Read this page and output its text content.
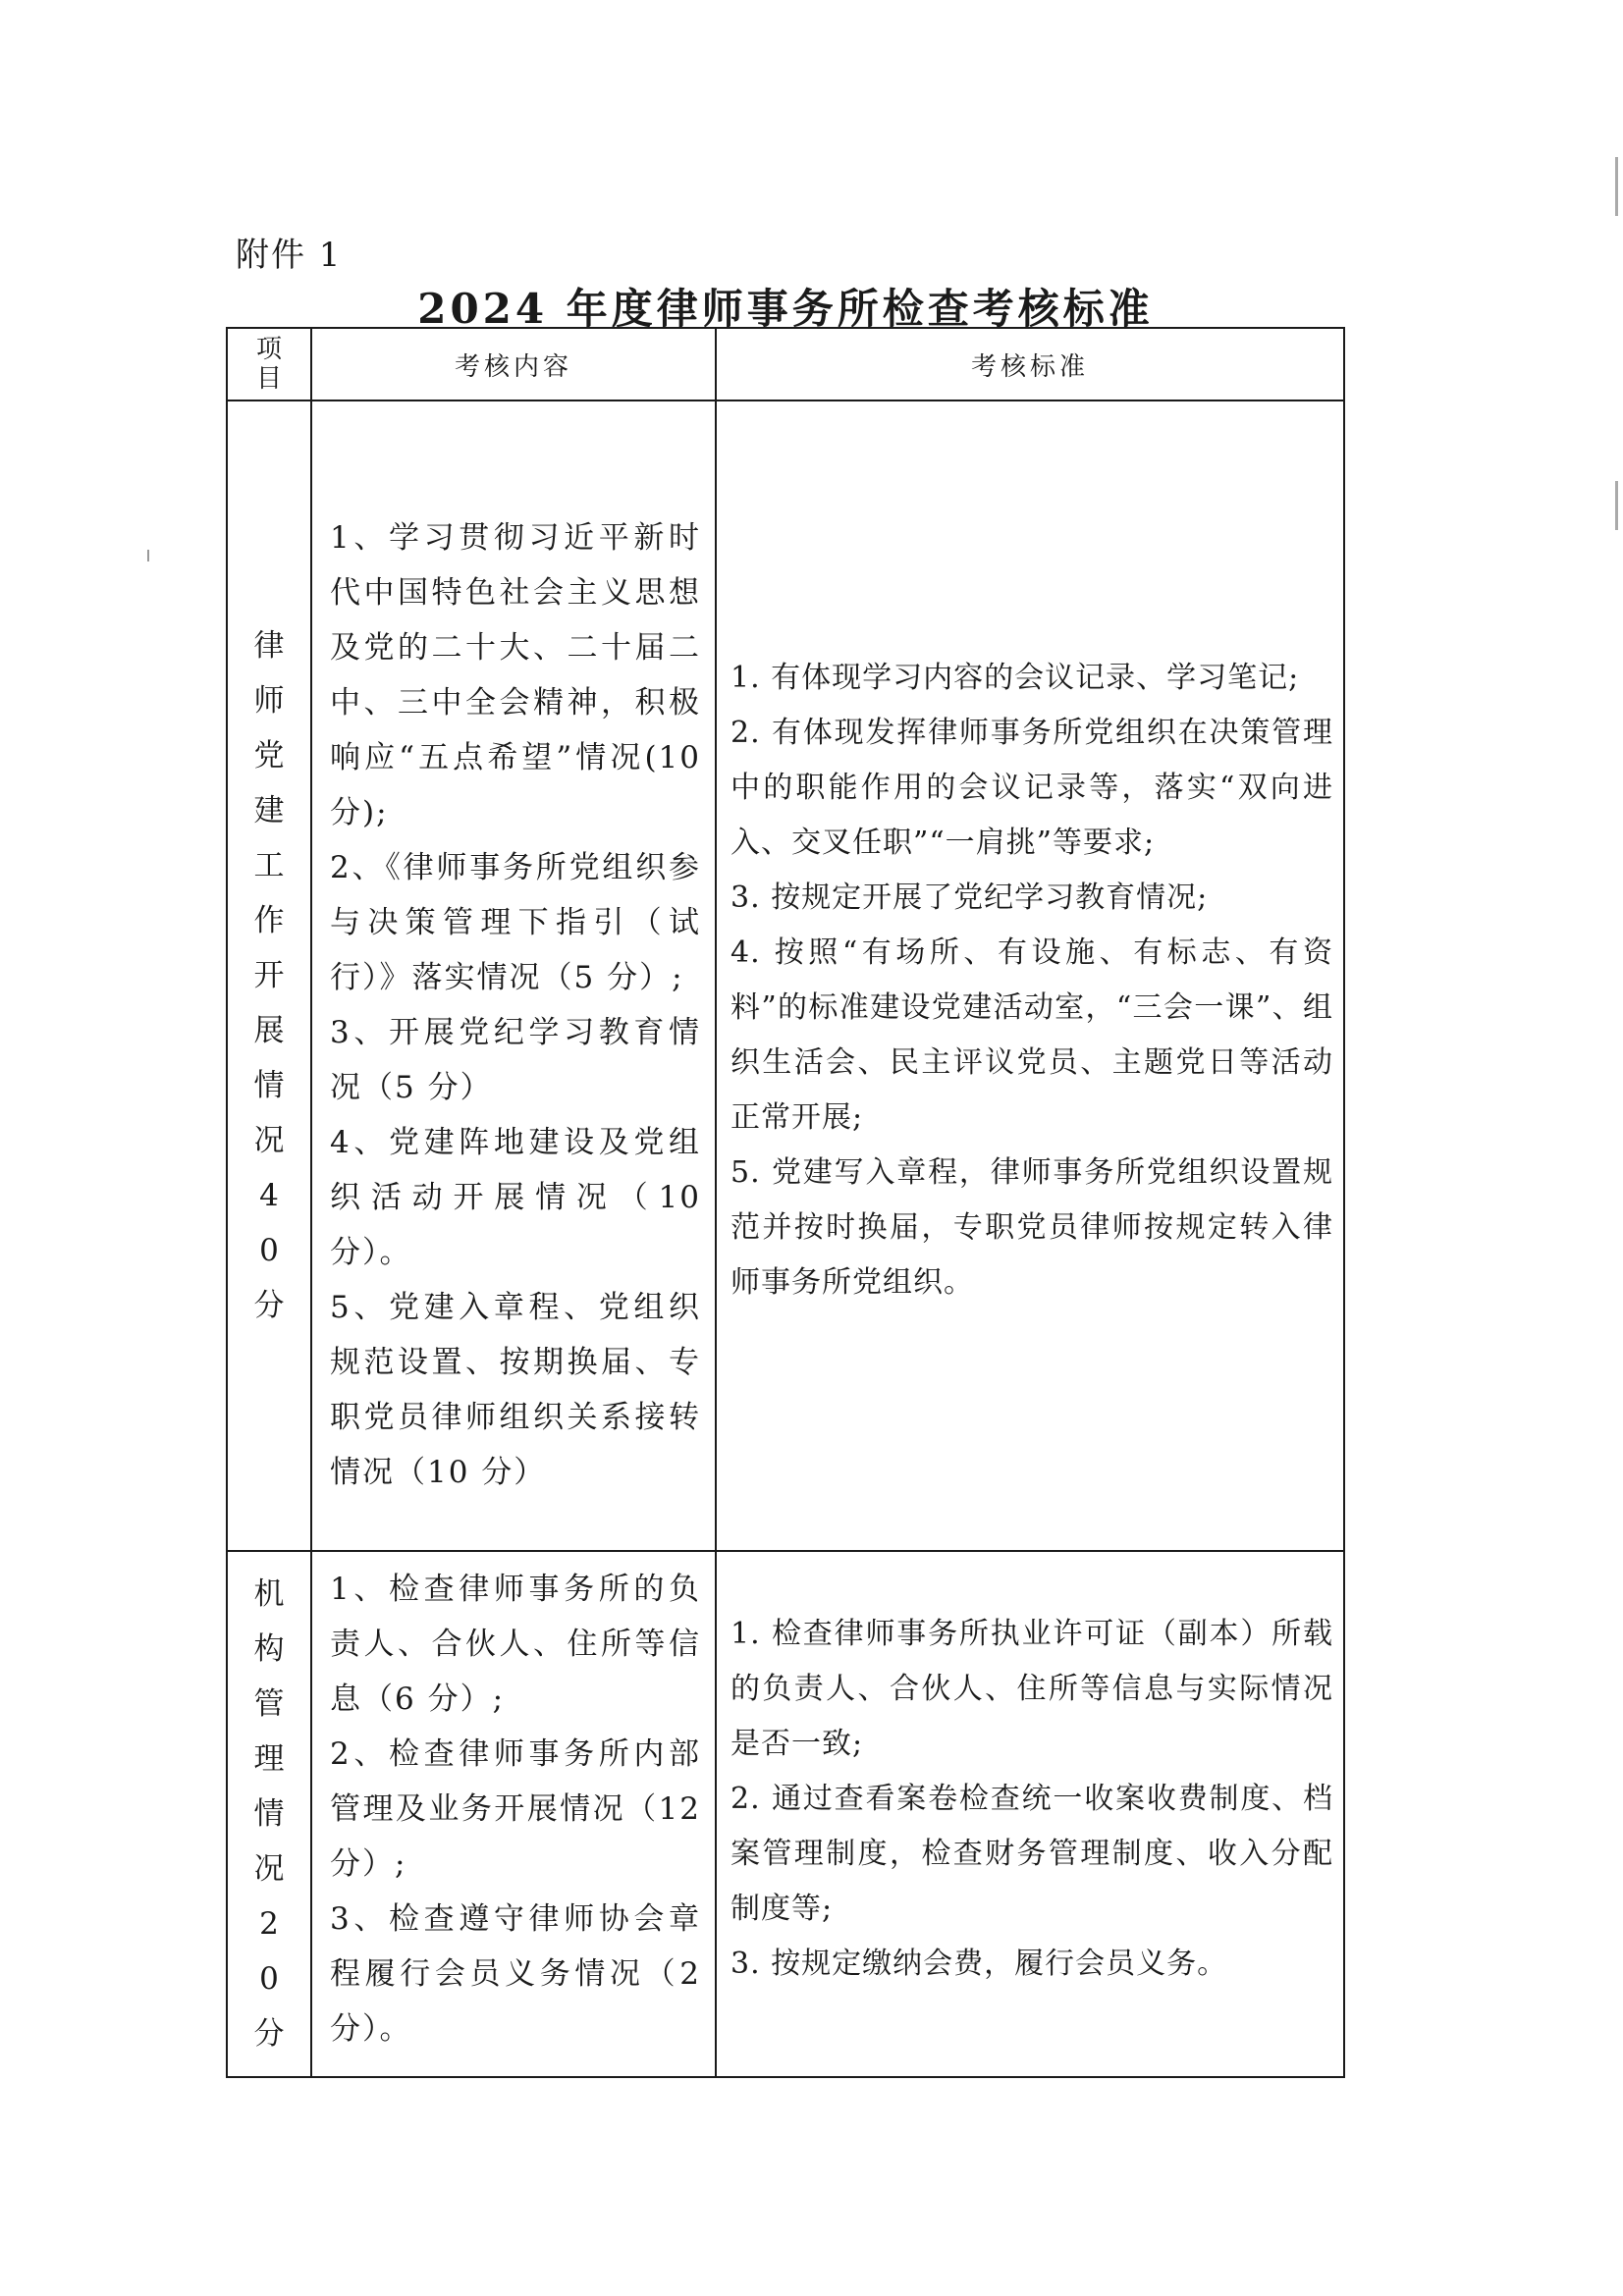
附件 1
2024 年度律师事务所检查考核标准
项目	考核内容	考核标准
律师党建工作开展情况40分

1、学习贯彻习近平新时代中国特色社会主义思想及党的二十大、二十届二中、三中全会精神，积极响应“五点希望”情况(10 分);

2、《律师事务所党组织参与决策管理下指引（试行）》落实情况（5 分）;

3、开展党纪学习教育情况（5 分）

4、党建阵地建设及党组织活动开展情况（10 分）。

5、党建入章程、党组织规范设置、按期换届、专职党员律师组织关系接转情况（10 分）

1. 有体现学习内容的会议记录、学习笔记;

2. 有体现发挥律师事务所党组织在决策管理中的职能作用的会议记录等，落实“双向进入、交叉任职”“一肩挑”等要求;

3. 按规定开展了党纪学习教育情况;

4. 按照“有场所、有设施、有标志、有资料”的标准建设党建活动室，“三会一课”、组织生活会、民主评议党员、主题党日等活动正常开展;

5. 党建写入章程，律师事务所党组织设置规范并按时换届，专职党员律师按规定转入律师事务所党组织。

机构管理情况20分

1、检查律师事务所的负责人、合伙人、住所等信息（6 分）;

2、检查律师事务所内部管理及业务开展情况（12 分）;

3、检查遵守律师协会章程履行会员义务情况（2 分）。

1. 检查律师事务所执业许可证（副本）所载的负责人、合伙人、住所等信息与实际情况是否一致;

2. 通过查看案卷检查统一收案收费制度、档案管理制度，检查财务管理制度、收入分配制度等;

3. 按规定缴纳会费，履行会员义务。
